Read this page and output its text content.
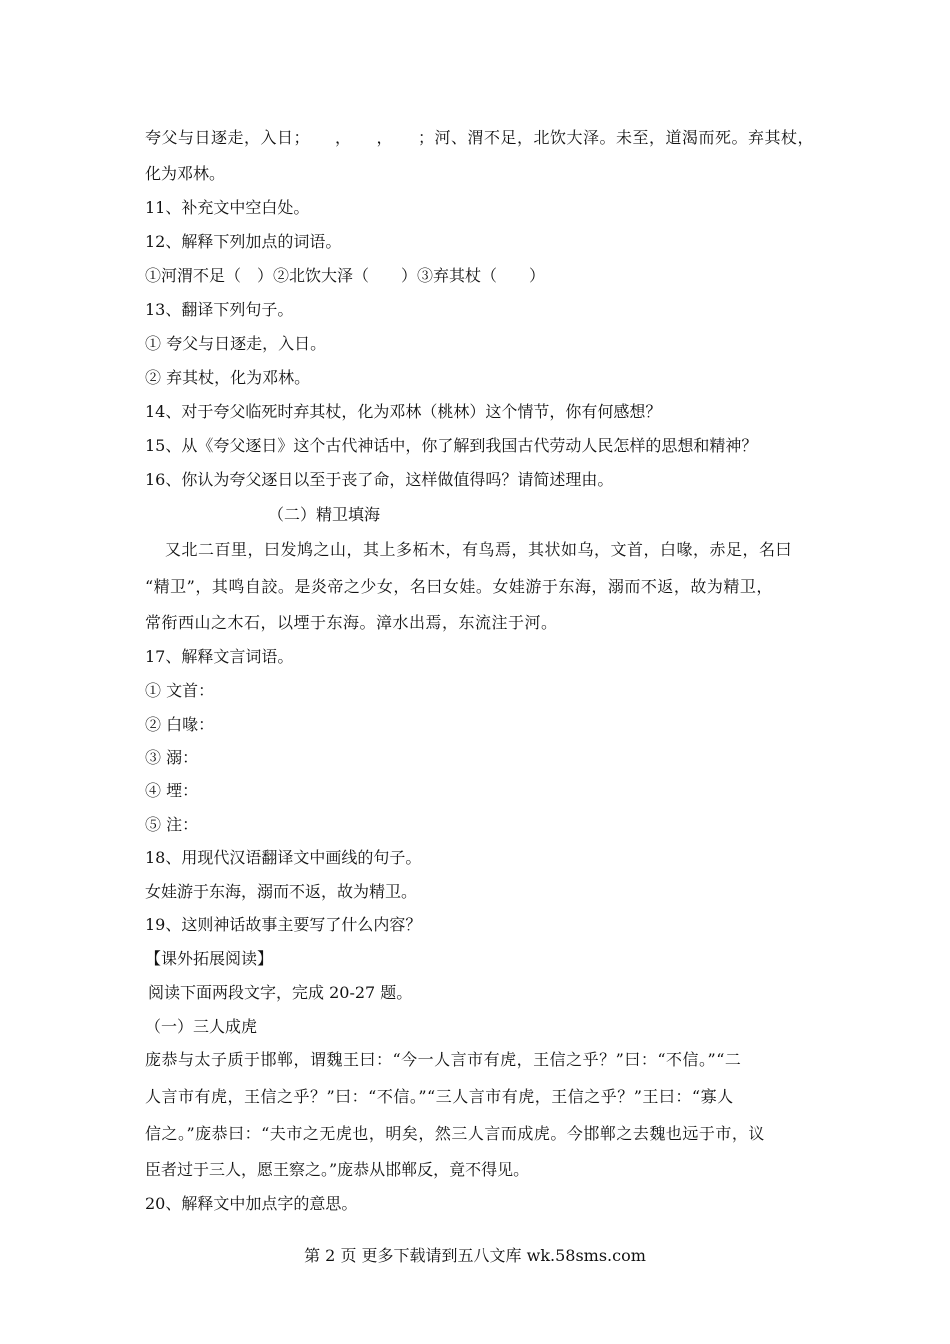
夸父与日逐走，入日；　　，　　，　　；河、渭不足，北饮大泽。未至，道渴而死。弃其杖，
化为邓林。
11、补充文中空白处。
12、解释下列加点的词语。
①河渭不足（　）②北饮大泽（　　）③弃其杖（　　）
13、翻译下列句子。
① 夸父与日逐走，入日。
② 弃其杖，化为邓林。
14、对于夸父临死时弃其杖，化为邓林（桃林）这个情节，你有何感想？
15、从《夸父逐日》这个古代神话中，你了解到我国古代劳动人民怎样的思想和精神？
16、你认为夸父逐日以至于丧了命，这样做值得吗？请简述理由。
（二）精卫填海
又北二百里，曰发鸠之山，其上多柘木，有鸟焉，其状如乌，文首，白喙，赤足，名曰
“精卫”，其鸣自詨。是炎帝之少女，名曰女娃。女娃游于东海，溺而不返，故为精卫，
常衔西山之木石，以堙于东海。漳水出焉，东流注于河。
17、解释文言词语。
① 文首：
② 白喙：
③ 溺：
④ 堙：
⑤ 注：
18、用现代汉语翻译文中画线的句子。
女娃游于东海，溺而不返，故为精卫。
19、这则神话故事主要写了什么内容？
【课外拓展阅读】
阅读下面两段文字，完成 20-27 题。
（一）三人成虎
庞恭与太子质于邯郸，谓魏王曰：“今一人言市有虎，王信之乎？”曰：“不信。”“二
人言市有虎，王信之乎？”曰：“不信。”“三人言市有虎，王信之乎？”王曰：“寡人
信之。”庞恭曰：“夫市之无虎也，明矣，然三人言而成虎。今邯郸之去魏也远于市，议
臣者过于三人，愿王察之。”庞恭从邯郸反，竟不得见。
20、解释文中加点字的意思。
第 2 页 更多下载请到五八文库 wk.58sms.com
